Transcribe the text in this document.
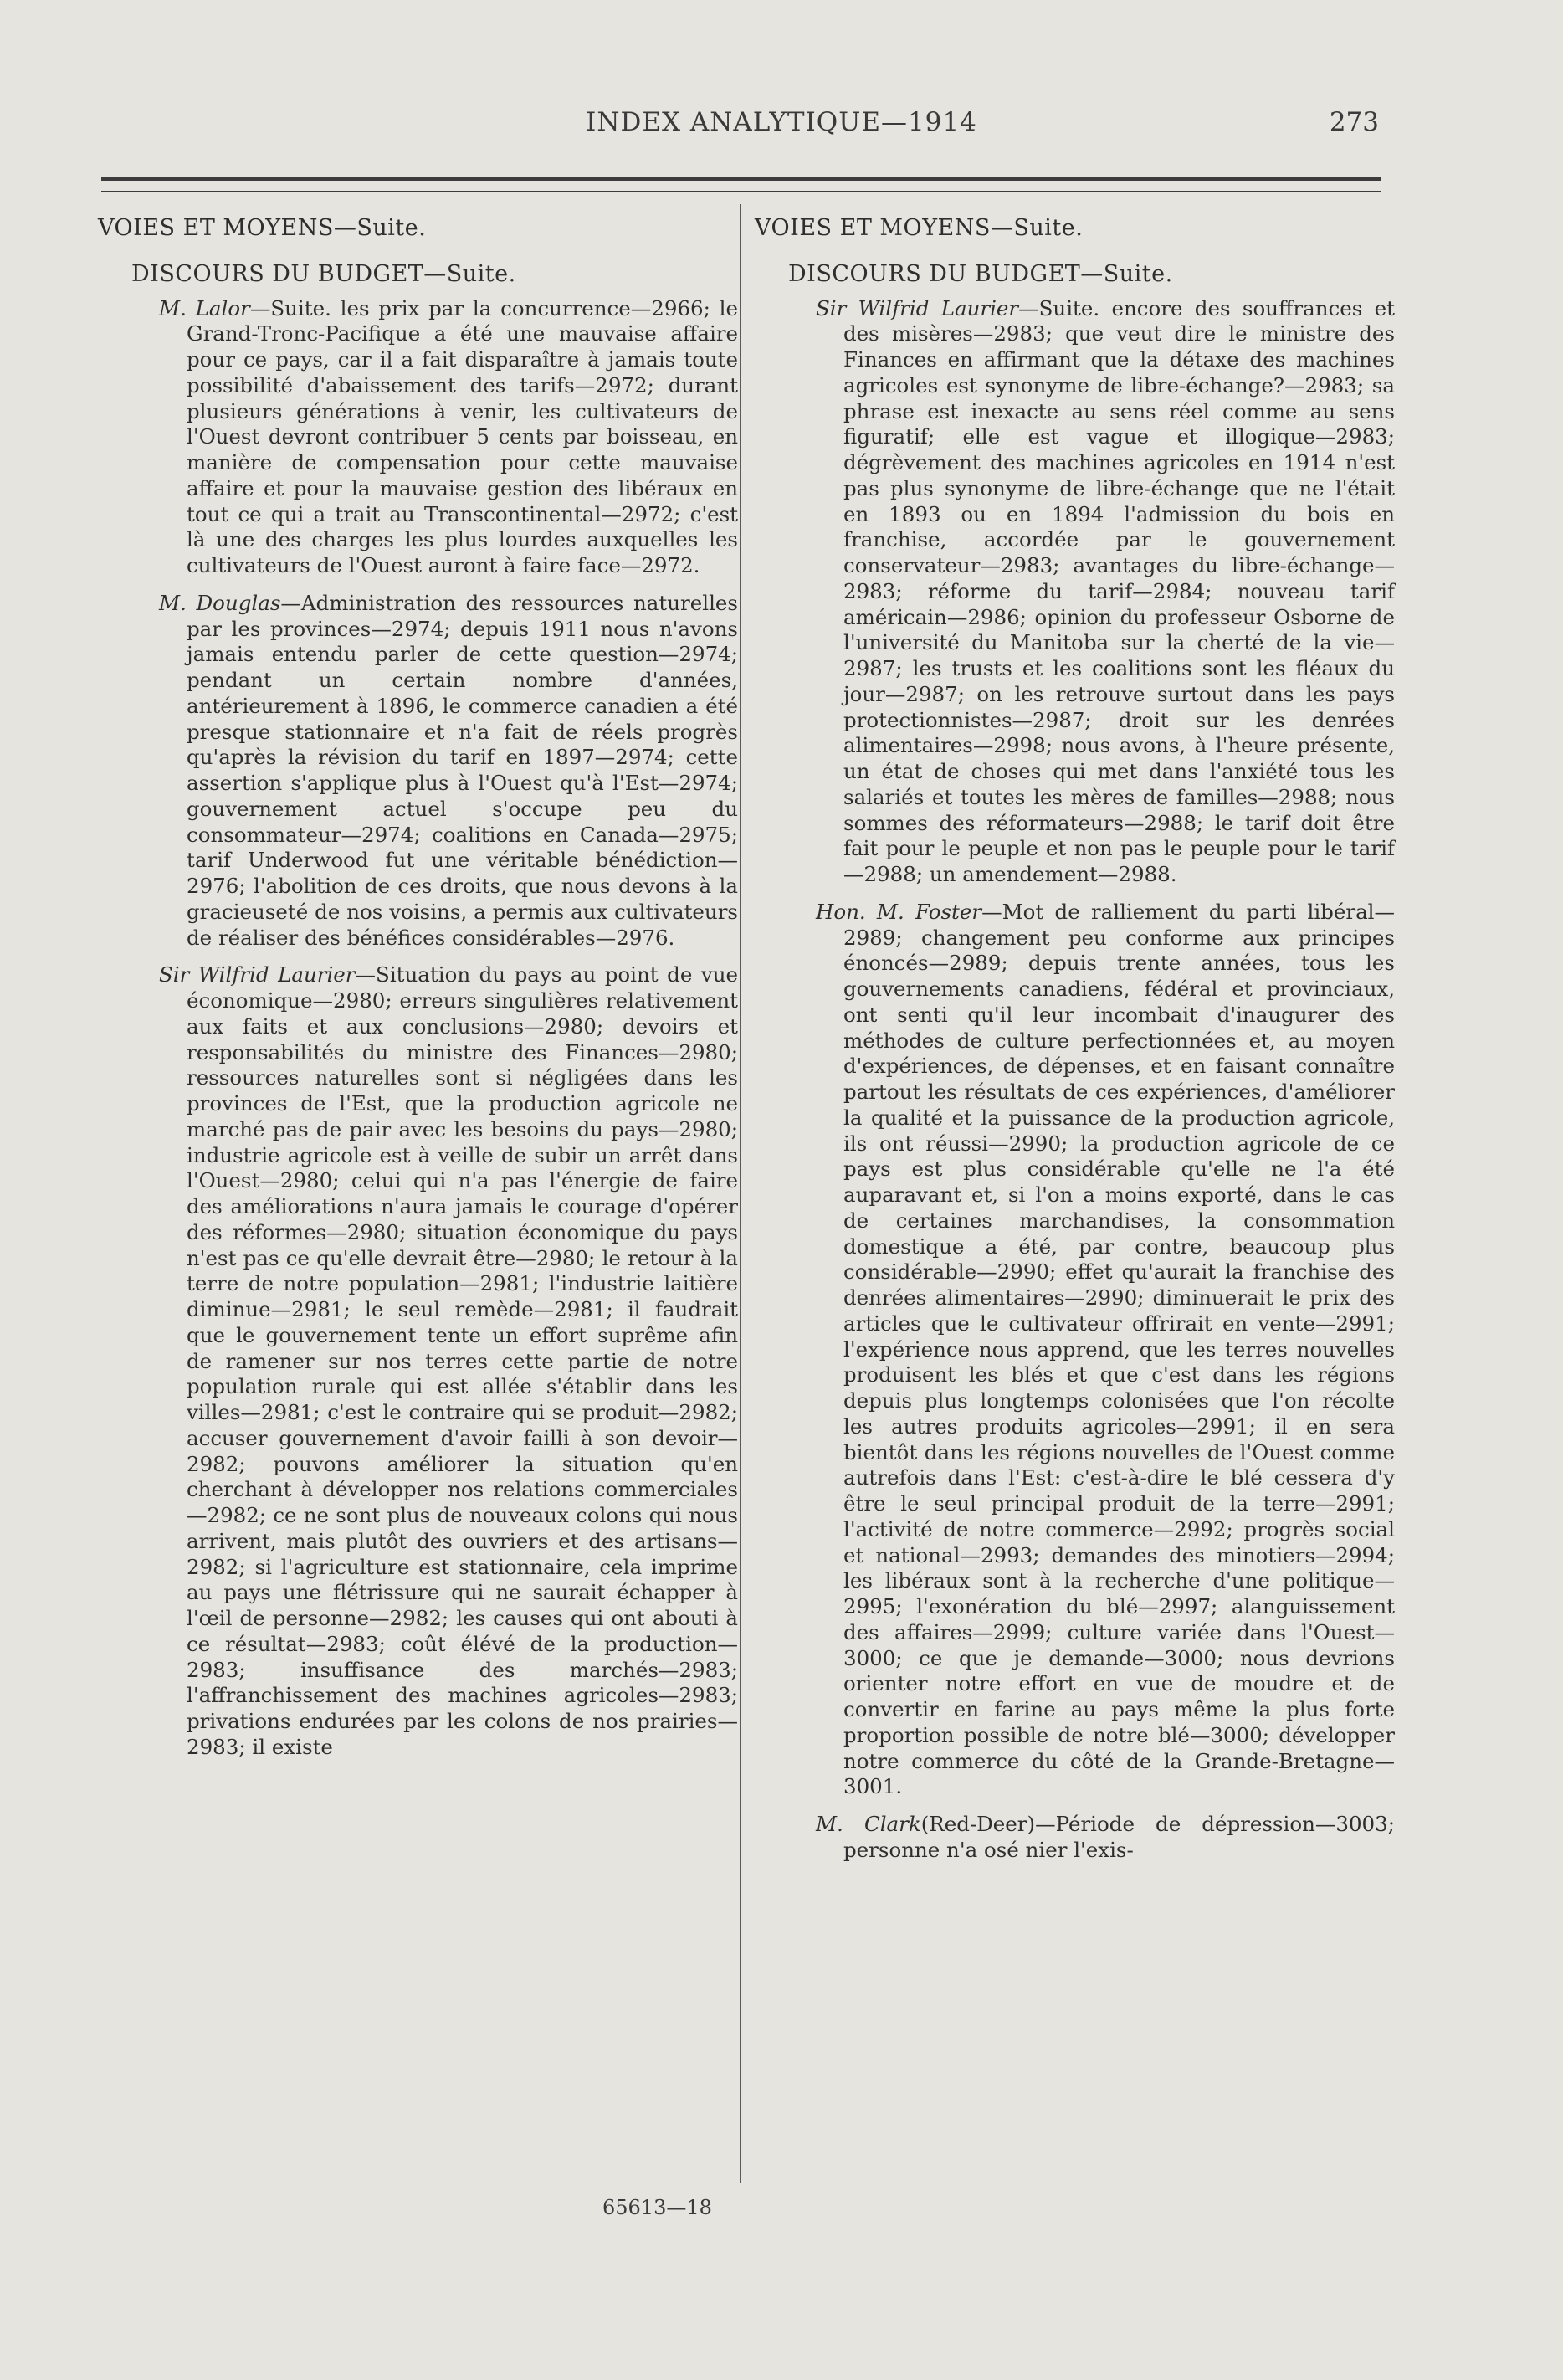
INDEX ANALYTIQUE—1914	273

VOIES ET MOYENS—Suite.

DISCOURS DU BUDGET—Suite.

M. Lalor—Suite. les prix par la concurrence—2966; le Grand-Tronc-Pacifique a été une mauvaise affaire pour ce pays, car il a fait disparaître à jamais toute possibilité d'abaissement des tarifs—2972; durant plusieurs générations à venir, les cultivateurs de l'Ouest devront contribuer 5 cents par boisseau, en manière de compensation pour cette mauvaise affaire et pour la mauvaise gestion des libéraux en tout ce qui a trait au Transcontinental—2972; c'est là une des charges les plus lourdes auxquelles les cultivateurs de l'Ouest auront à faire face—2972.

M. Douglas—Administration des ressources naturelles par les provinces—2974; depuis 1911 nous n'avons jamais entendu parler de cette question—2974; pendant un certain nombre d'années, antérieurement à 1896, le commerce canadien a été presque stationnaire et n'a fait de réels progrès qu'après la révision du tarif en 1897—2974; cette assertion s'applique plus à l'Ouest qu'à l'Est—2974; gouvernement actuel s'occupe peu du consommateur—2974; coalitions en Canada—2975; tarif Underwood fut une véritable bénédiction—2976; l'abolition de ces droits, que nous devons à la gracieuseté de nos voisins, a permis aux cultivateurs de réaliser des bénéfices considérables—2976.

Sir Wilfrid Laurier—Situation du pays au point de vue économique—2980; erreurs singulières relativement aux faits et aux conclusions—2980; devoirs et responsabilités du ministre des Finances—2980; ressources naturelles sont si négligées dans les provinces de l'Est, que la production agricole ne marché pas de pair avec les besoins du pays—2980; industrie agricole est à veille de subir un arrêt dans l'Ouest—2980; celui qui n'a pas l'énergie de faire des améliorations n'aura jamais le courage d'opérer des réformes—2980; situation économique du pays n'est pas ce qu'elle devrait être—2980; le retour à la terre de notre population—2981; l'industrie laitière diminue—2981; le seul remède—2981; il faudrait que le gouvernement tente un effort suprême afin de ramener sur nos terres cette partie de notre population rurale qui est allée s'établir dans les villes—2981; c'est le contraire qui se produit—2982; accuser gouvernement d'avoir failli à son devoir—2982; pouvons améliorer la situation qu'en cherchant à développer nos relations commerciales—2982; ce ne sont plus de nouveaux colons qui nous arrivent, mais plutôt des ouvriers et des artisans—2982; si l'agriculture est stationnaire, cela imprime au pays une flétrissure qui ne saurait échapper à l'œil de personne—2982; les causes qui ont abouti à ce résultat—2983; coût élévé de la production—2983; insuffisance des marchés—2983; l'affranchissement des machines agricoles—2983; privations endurées par les colons de nos prairies—2983; il existe

VOIES ET MOYENS—Suite.

DISCOURS DU BUDGET—Suite.

Sir Wilfrid Laurier—Suite. encore des souffrances et des misères—2983; que veut dire le ministre des Finances en affirmant que la détaxe des machines agricoles est synonyme de libre-échange?—2983; sa phrase est inexacte au sens réel comme au sens figuratif; elle est vague et illogique—2983; dégrèvement des machines agricoles en 1914 n'est pas plus synonyme de libre-échange que ne l'était en 1893 ou en 1894 l'admission du bois en franchise, accordée par le gouvernement conservateur—2983; avantages du libre-échange—2983; réforme du tarif—2984; nouveau tarif américain—2986; opinion du professeur Osborne de l'université du Manitoba sur la cherté de la vie—2987; les trusts et les coalitions sont les fléaux du jour—2987; on les retrouve surtout dans les pays protectionnistes—2987; droit sur les denrées alimentaires—2998; nous avons, à l'heure présente, un état de choses qui met dans l'anxiété tous les salariés et toutes les mères de familles—2988; nous sommes des réformateurs—2988; le tarif doit être fait pour le peuple et non pas le peuple pour le tarif—2988; un amendement—2988.

Hon. M. Foster—Mot de ralliement du parti libéral—2989; changement peu conforme aux principes énoncés—2989; depuis trente années, tous les gouvernements canadiens, fédéral et provinciaux, ont senti qu'il leur incombait d'inaugurer des méthodes de culture perfectionnées et, au moyen d'expériences, de dépenses, et en faisant connaître partout les résultats de ces expériences, d'améliorer la qualité et la puissance de la production agricole, ils ont réussi—2990; la production agricole de ce pays est plus considérable qu'elle ne l'a été auparavant et, si l'on a moins exporté, dans le cas de certaines marchandises, la consommation domestique a été, par contre, beaucoup plus considérable—2990; effet qu'aurait la franchise des denrées alimentaires—2990; diminuerait le prix des articles que le cultivateur offrirait en vente—2991; l'expérience nous apprend, que les terres nouvelles produisent les blés et que c'est dans les régions depuis plus longtemps colonisées que l'on récolte les autres produits agricoles—2991; il en sera bientôt dans les régions nouvelles de l'Ouest comme autrefois dans l'Est: c'est-à-dire le blé cessera d'y être le seul principal produit de la terre—2991; l'activité de notre commerce—2992; progrès social et national—2993; demandes des minotiers—2994; les libéraux sont à la recherche d'une politique—2995; l'exonération du blé—2997; alanguissement des affaires—2999; culture variée dans l'Ouest—3000; ce que je demande—3000; nous devrions orienter notre effort en vue de moudre et de convertir en farine au pays même la plus forte proportion possible de notre blé—3000; développer notre commerce du côté de la Grande-Bretagne—3001.

M. Clark(Red-Deer)—Période de dépression—3003; personne n'a osé nier l'exis-

65613—18
